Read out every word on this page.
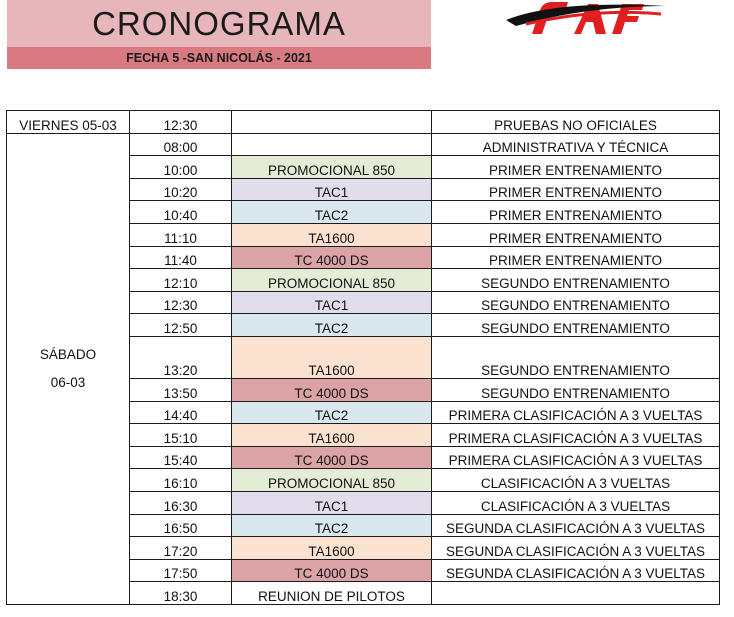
CRONOGRAMA
FECHA 5 -SAN NICOLÁS - 2021
VIERNES 05-03	12:30		PRUEBAS NO OFICIALES

SÁBADO
06-03	08:00		ADMINISTRATIVA Y TÉCNICA
	10:00	PROMOCIONAL 850	PRIMER ENTRENAMIENTO
	10:20	TAC1	PRIMER ENTRENAMIENTO
	10:40	TAC2	PRIMER ENTRENAMIENTO
	11:10	TA1600	PRIMER ENTRENAMIENTO
	11:40	TC 4000 DS	PRIMER ENTRENAMIENTO
	12:10	PROMOCIONAL 850	SEGUNDO ENTRENAMIENTO
	12:30	TAC1	SEGUNDO ENTRENAMIENTO
	12:50	TAC2	SEGUNDO ENTRENAMIENTO
	13:20	TA1600	SEGUNDO ENTRENAMIENTO
	13:50	TC 4000 DS	SEGUNDO ENTRENAMIENTO
	14:40	TAC2	PRIMERA CLASIFICACIÓN A 3 VUELTAS
	15:10	TA1600	PRIMERA CLASIFICACIÓN A 3 VUELTAS
	15:40	TC 4000 DS	PRIMERA CLASIFICACIÓN A 3 VUELTAS
	16:10	PROMOCIONAL 850	CLASIFICACIÓN A 3 VUELTAS
	16:30	TAC1	CLASIFICACIÓN A 3 VUELTAS
	16:50	TAC2	SEGUNDA CLASIFICACIÓN A 3 VUELTAS
	17:20	TA1600	SEGUNDA CLASIFICACIÓN A 3 VUELTAS
	17:50	TC 4000 DS	SEGUNDA CLASIFICACIÓN A 3 VUELTAS
	18:30	REUNION DE PILOTOS	
